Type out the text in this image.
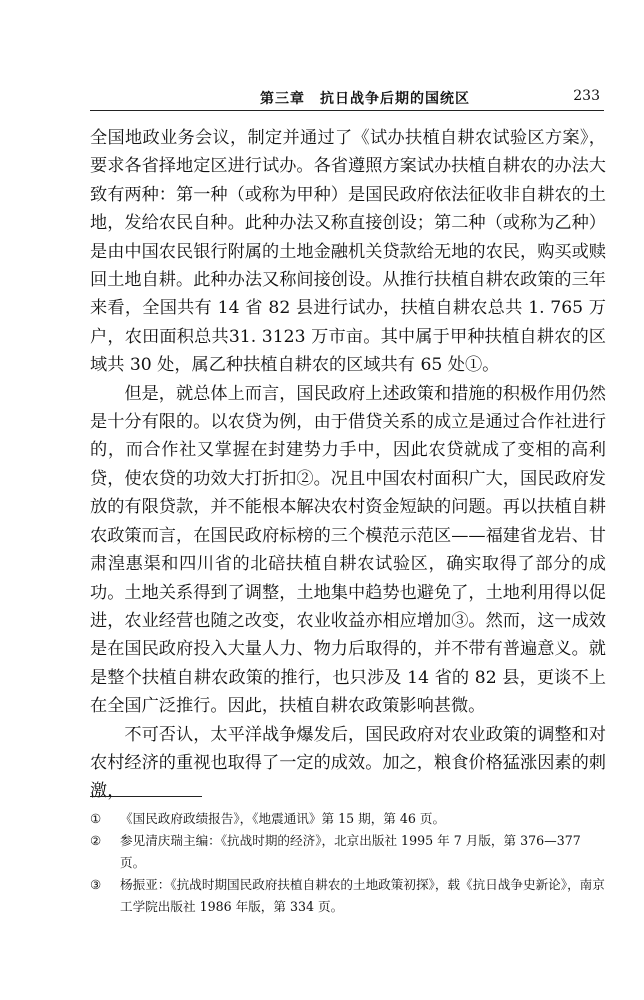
第三章　抗日战争后期的国统区	233

全国地政业务会议，制定并通过了《试办扶植自耕农试验区方案》，要求各省择地定区进行试办。各省遵照方案试办扶植自耕农的办法大致有两种：第一种（或称为甲种）是国民政府依法征收非自耕农的土地，发给农民自种。此种办法又称直接创设；第二种（或称为乙种）是由中国农民银行附属的土地金融机关贷款给无地的农民，购买或赎回土地自耕。此种办法又称间接创设。从推行扶植自耕农政策的三年来看，全国共有 14 省 82 县进行试办，扶植自耕农总共 1. 765 万户，农田面积总共31. 3123 万市亩。其中属于甲种扶植自耕农的区域共 30 处，属乙种扶植自耕农的区域共有 65 处①。

但是，就总体上而言，国民政府上述政策和措施的积极作用仍然是十分有限的。以农贷为例，由于借贷关系的成立是通过合作社进行的，而合作社又掌握在封建势力手中，因此农贷就成了变相的高利贷，使农贷的功效大打折扣②。况且中国农村面积广大，国民政府发放的有限贷款，并不能根本解决农村资金短缺的问题。再以扶植自耕农政策而言，在国民政府标榜的三个模范示范区——福建省龙岩、甘肃湟惠渠和四川省的北碚扶植自耕农试验区，确实取得了部分的成功。土地关系得到了调整，土地集中趋势也避免了，土地利用得以促进，农业经营也随之改变，农业收益亦相应增加③。然而，这一成效是在国民政府投入大量人力、物力后取得的，并不带有普遍意义。就是整个扶植自耕农政策的推行，也只涉及 14 省的 82 县，更谈不上在全国广泛推行。因此，扶植自耕农政策影响甚微。

不可否认，太平洋战争爆发后，国民政府对农业政策的调整和对农村经济的重视也取得了一定的成效。加之，粮食价格猛涨因素的刺激，

① 《国民政府政绩报告》，《地震通讯》第 15 期，第 46 页。

② 参见清庆瑞主编：《抗战时期的经济》，北京出版社 1995 年 7 月版，第 376—377 页。

③ 杨振亚：《抗战时期国民政府扶植自耕农的土地政策初探》，载《抗日战争史新论》，南京工学院出版社 1986 年版，第 334 页。
